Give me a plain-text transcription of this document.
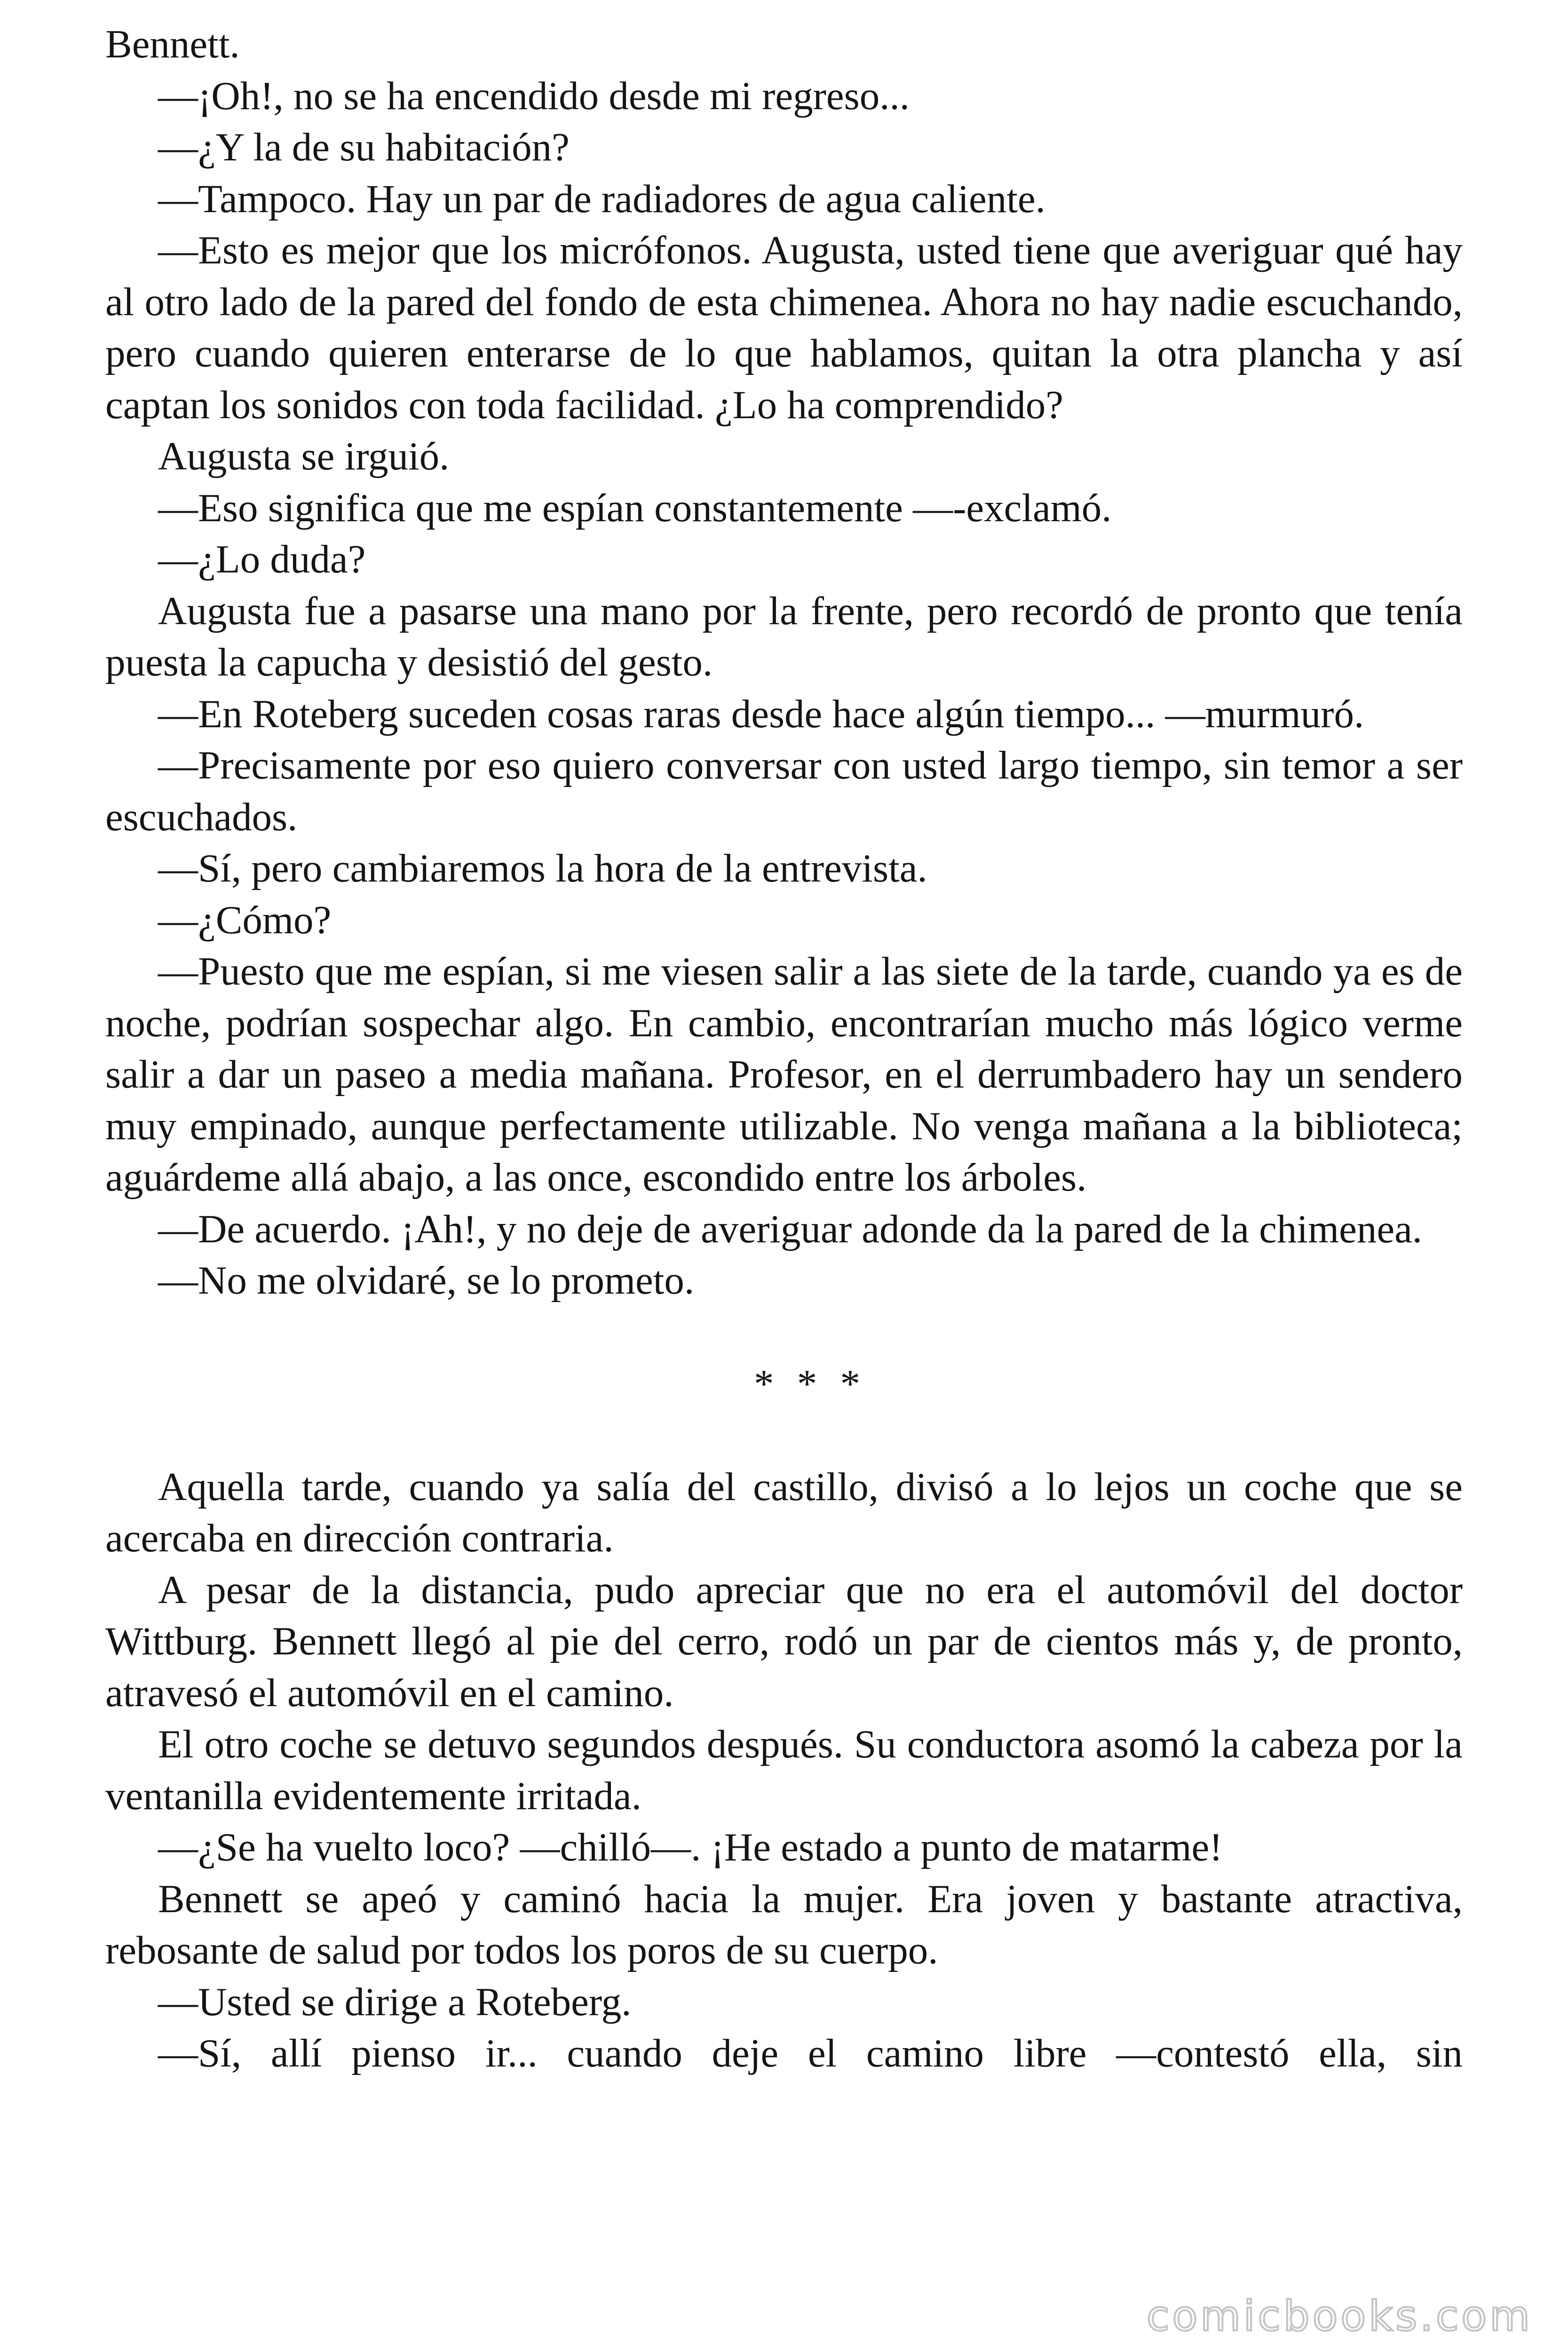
Bennett.

—¡Oh!, no se ha encendido desde mi regreso...

—¿Y la de su habitación?

—Tampoco. Hay un par de radiadores de agua caliente.

—Esto es mejor que los micrófonos. Augusta, usted tiene que averiguar qué hay al otro lado de la pared del fondo de esta chimenea. Ahora no hay nadie escuchando, pero cuando quieren enterarse de lo que hablamos, quitan la otra plancha y así captan los sonidos con toda facilidad. ¿Lo ha comprendido?

Augusta se irguió.

—Eso significa que me espían constantemente —-exclamó.

—¿Lo duda?

Augusta fue a pasarse una mano por la frente, pero recordó de pronto que tenía puesta la capucha y desistió del gesto.

—En Roteberg suceden cosas raras desde hace algún tiempo... —murmuró.

—Precisamente por eso quiero conversar con usted largo tiempo, sin temor a ser escuchados.

—Sí, pero cambiaremos la hora de la entrevista.

—¿Cómo?

—Puesto que me espían, si me viesen salir a las siete de la tarde, cuando ya es de noche, podrían sospechar algo. En cambio, encontrarían mucho más lógico verme salir a dar un paseo a media mañana. Profesor, en el derrumbadero hay un sendero muy empinado, aunque perfectamente utilizable. No venga mañana a la biblioteca; aguárdeme allá abajo, a las once, escondido entre los árboles.

—De acuerdo. ¡Ah!, y no deje de averiguar adonde da la pared de la chimenea.

—No me olvidaré, se lo prometo.

* * *

Aquella tarde, cuando ya salía del castillo, divisó a lo lejos un coche que se acercaba en dirección contraria.

A pesar de la distancia, pudo apreciar que no era el automóvil del doctor Wittburg. Bennett llegó al pie del cerro, rodó un par de cientos más y, de pronto, atravesó el automóvil en el camino.

El otro coche se detuvo segundos después. Su conductora asomó la cabeza por la ventanilla evidentemente irritada.

—¿Se ha vuelto loco? —chilló—. ¡He estado a punto de matarme!

Bennett se apeó y caminó hacia la mujer. Era joven y bastante atractiva, rebosante de salud por todos los poros de su cuerpo.

—Usted se dirige a Roteberg.

—Sí, allí pienso ir... cuando deje el camino libre —contestó ella, sin

comicbooks.com
